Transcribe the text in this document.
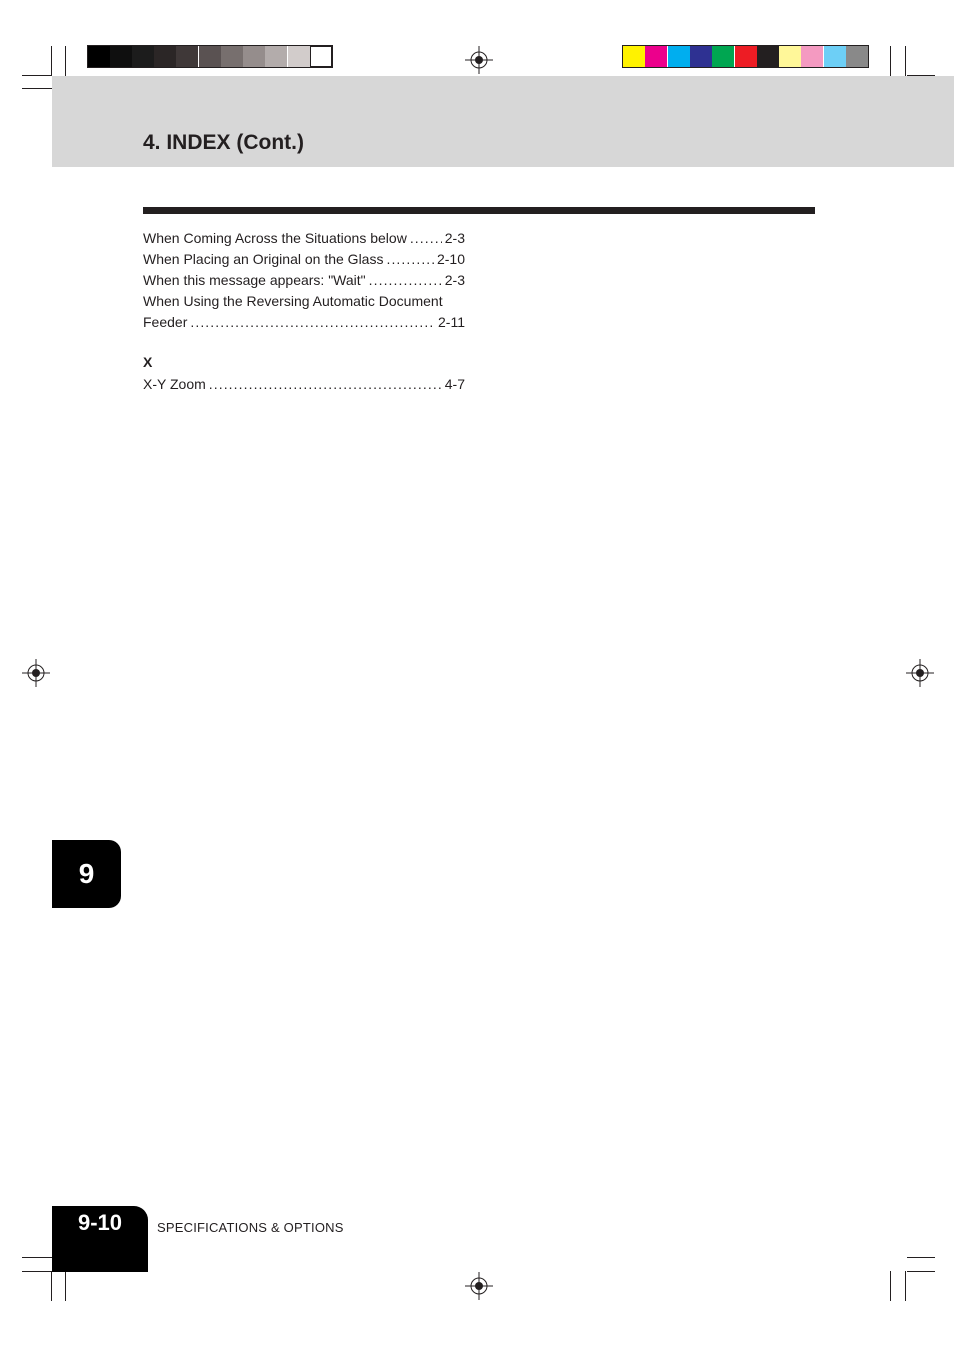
4. INDEX (Cont.)
When Coming Across the Situations below . . .	2-3
When Placing an Original on the Glass . . .	2-10
When this message appears: "Wait" . . .	2-3
When Using the Reversing Automatic Document
Feeder . . .	2-11
X
X-Y Zoom . . .	4-7
9
9-10	SPECIFICATIONS & OPTIONS
